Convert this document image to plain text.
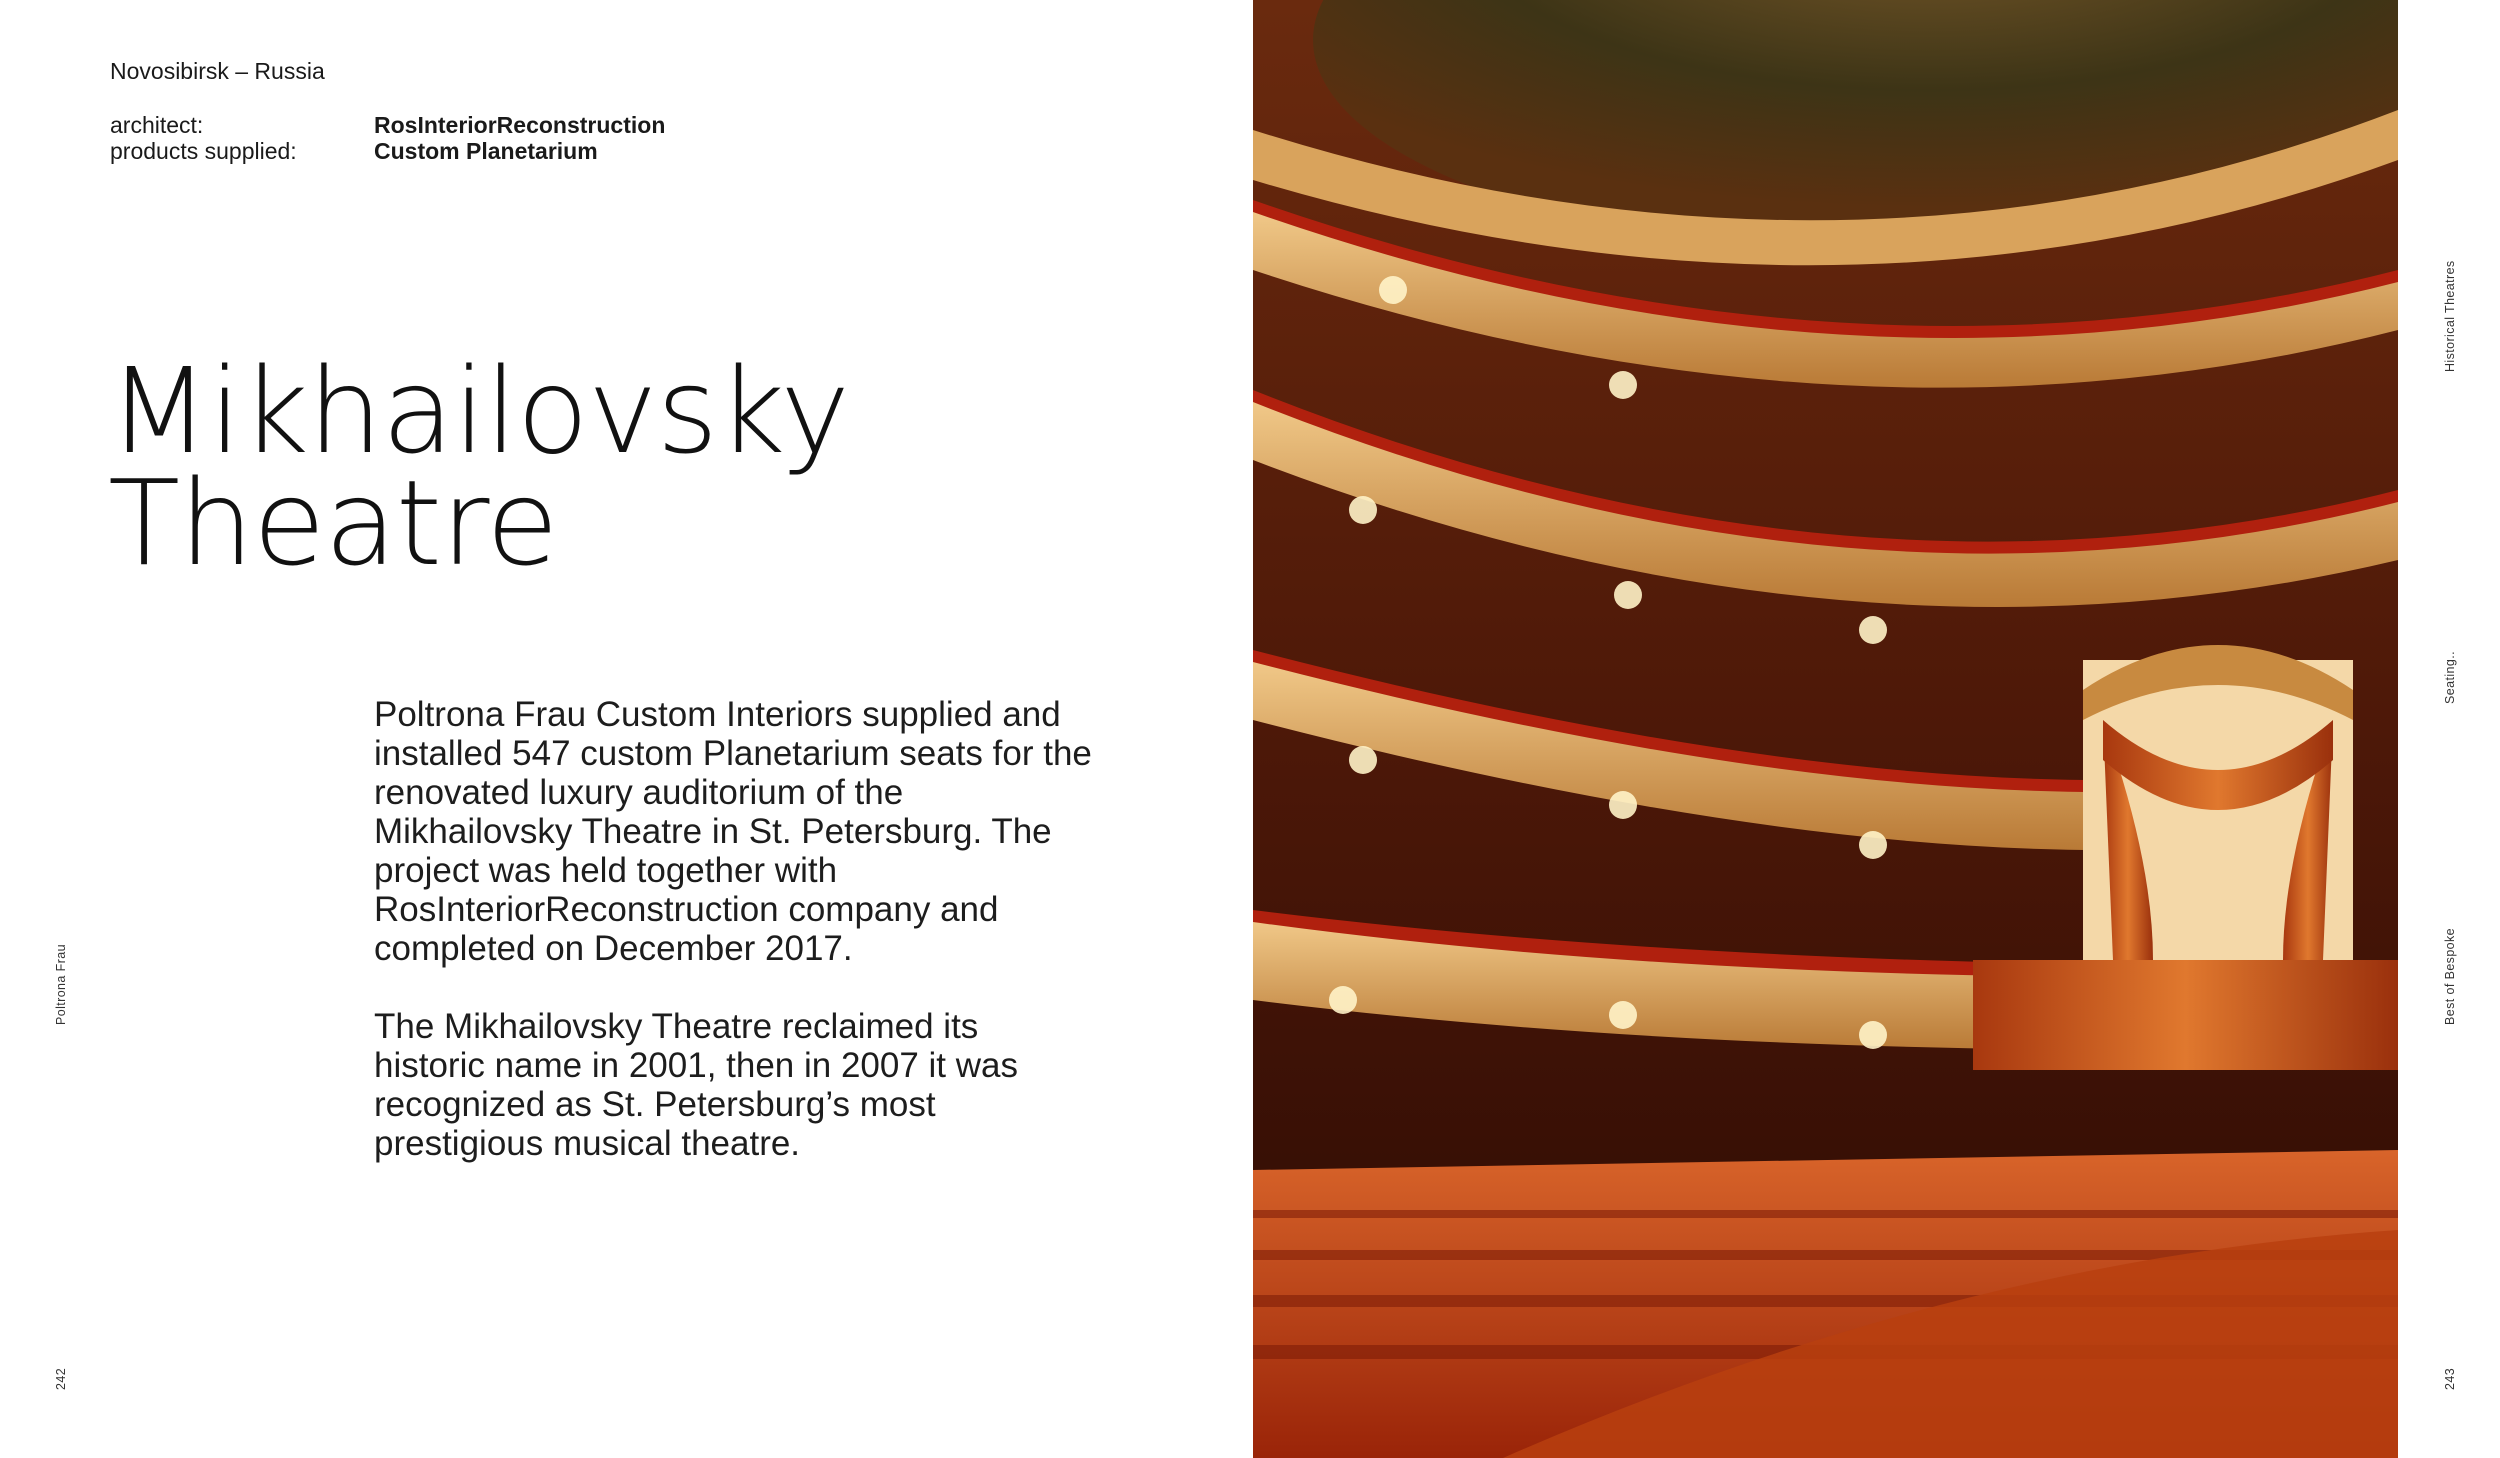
Novosibirsk – Russia
architect:	RosInteriorReconstruction
products supplied:	Custom Planetarium
Mikhailovsky
Theatre

Poltrona Frau Custom Interiors supplied and installed 547 custom Planetarium seats for the renovated luxury auditorium of the Mikhailovsky Theatre in St. Petersburg. The project was held together with RosInteriorReconstruction company and completed on December 2017.

The Mikhailovsky Theatre reclaimed its historic name in 2001, then in 2007 it was recognized as St. Petersburg’s most prestigious musical theatre.

Poltrona Frau
242
Historical Theatres
Seating..
Best of Bespoke
243
